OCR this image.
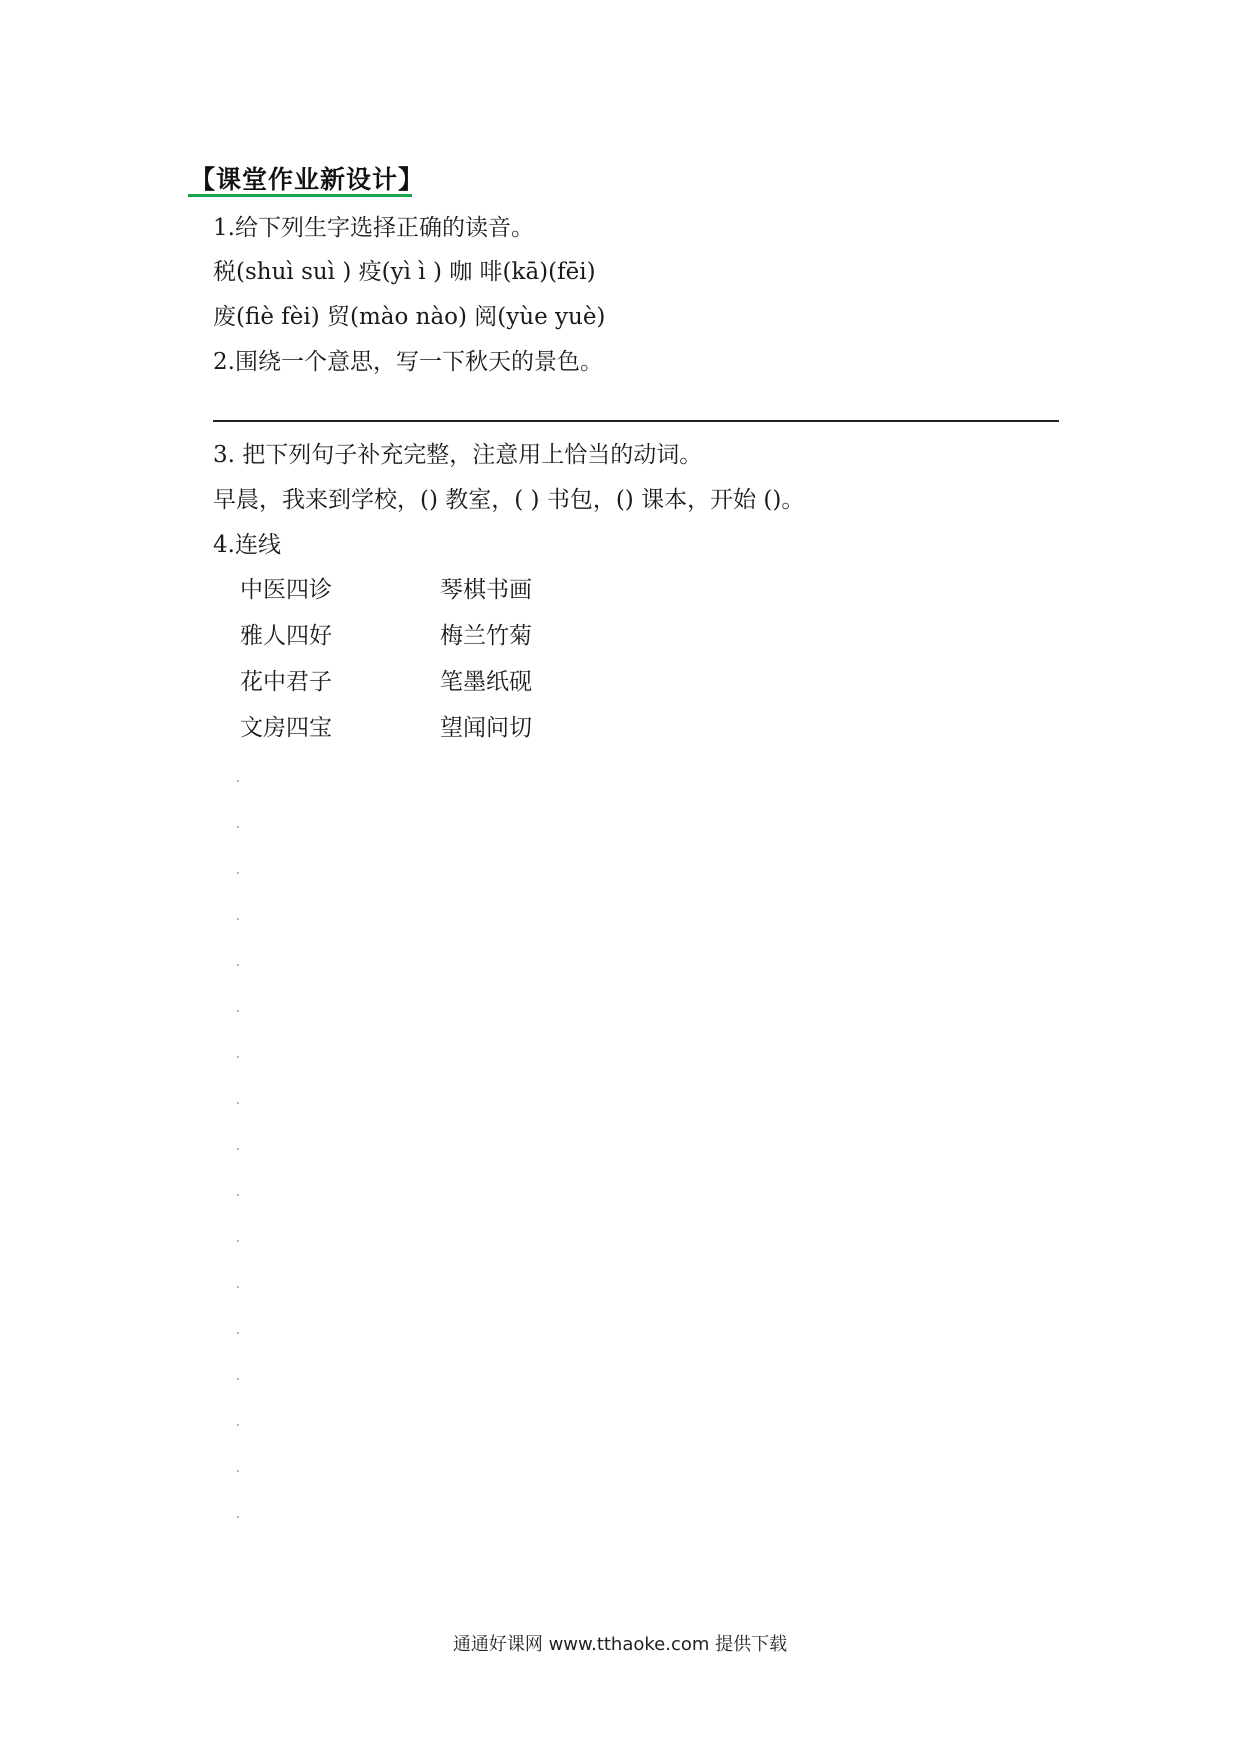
【课堂作业新设计】
1.给下列生字选择正确的读音。
税(shuì suì ) 疫(yì ì ) 咖 啡(kā)(fēi)
废(fiè fèi) 贸(mào nào) 阅(yùe yuè)
2.围绕一个意思，写一下秋天的景色。
3. 把下列句子补充完整，注意用上恰当的动词。
早晨，我来到学校，() 教室，( ) 书包，() 课本，开始 ()。
4.连线
中医四诊	琴棋书画
雅人四好	梅兰竹菊
花中君子	笔墨纸砚
文房四宝	望闻问切
通通好课网 www.tthaoke.com 提供下载
